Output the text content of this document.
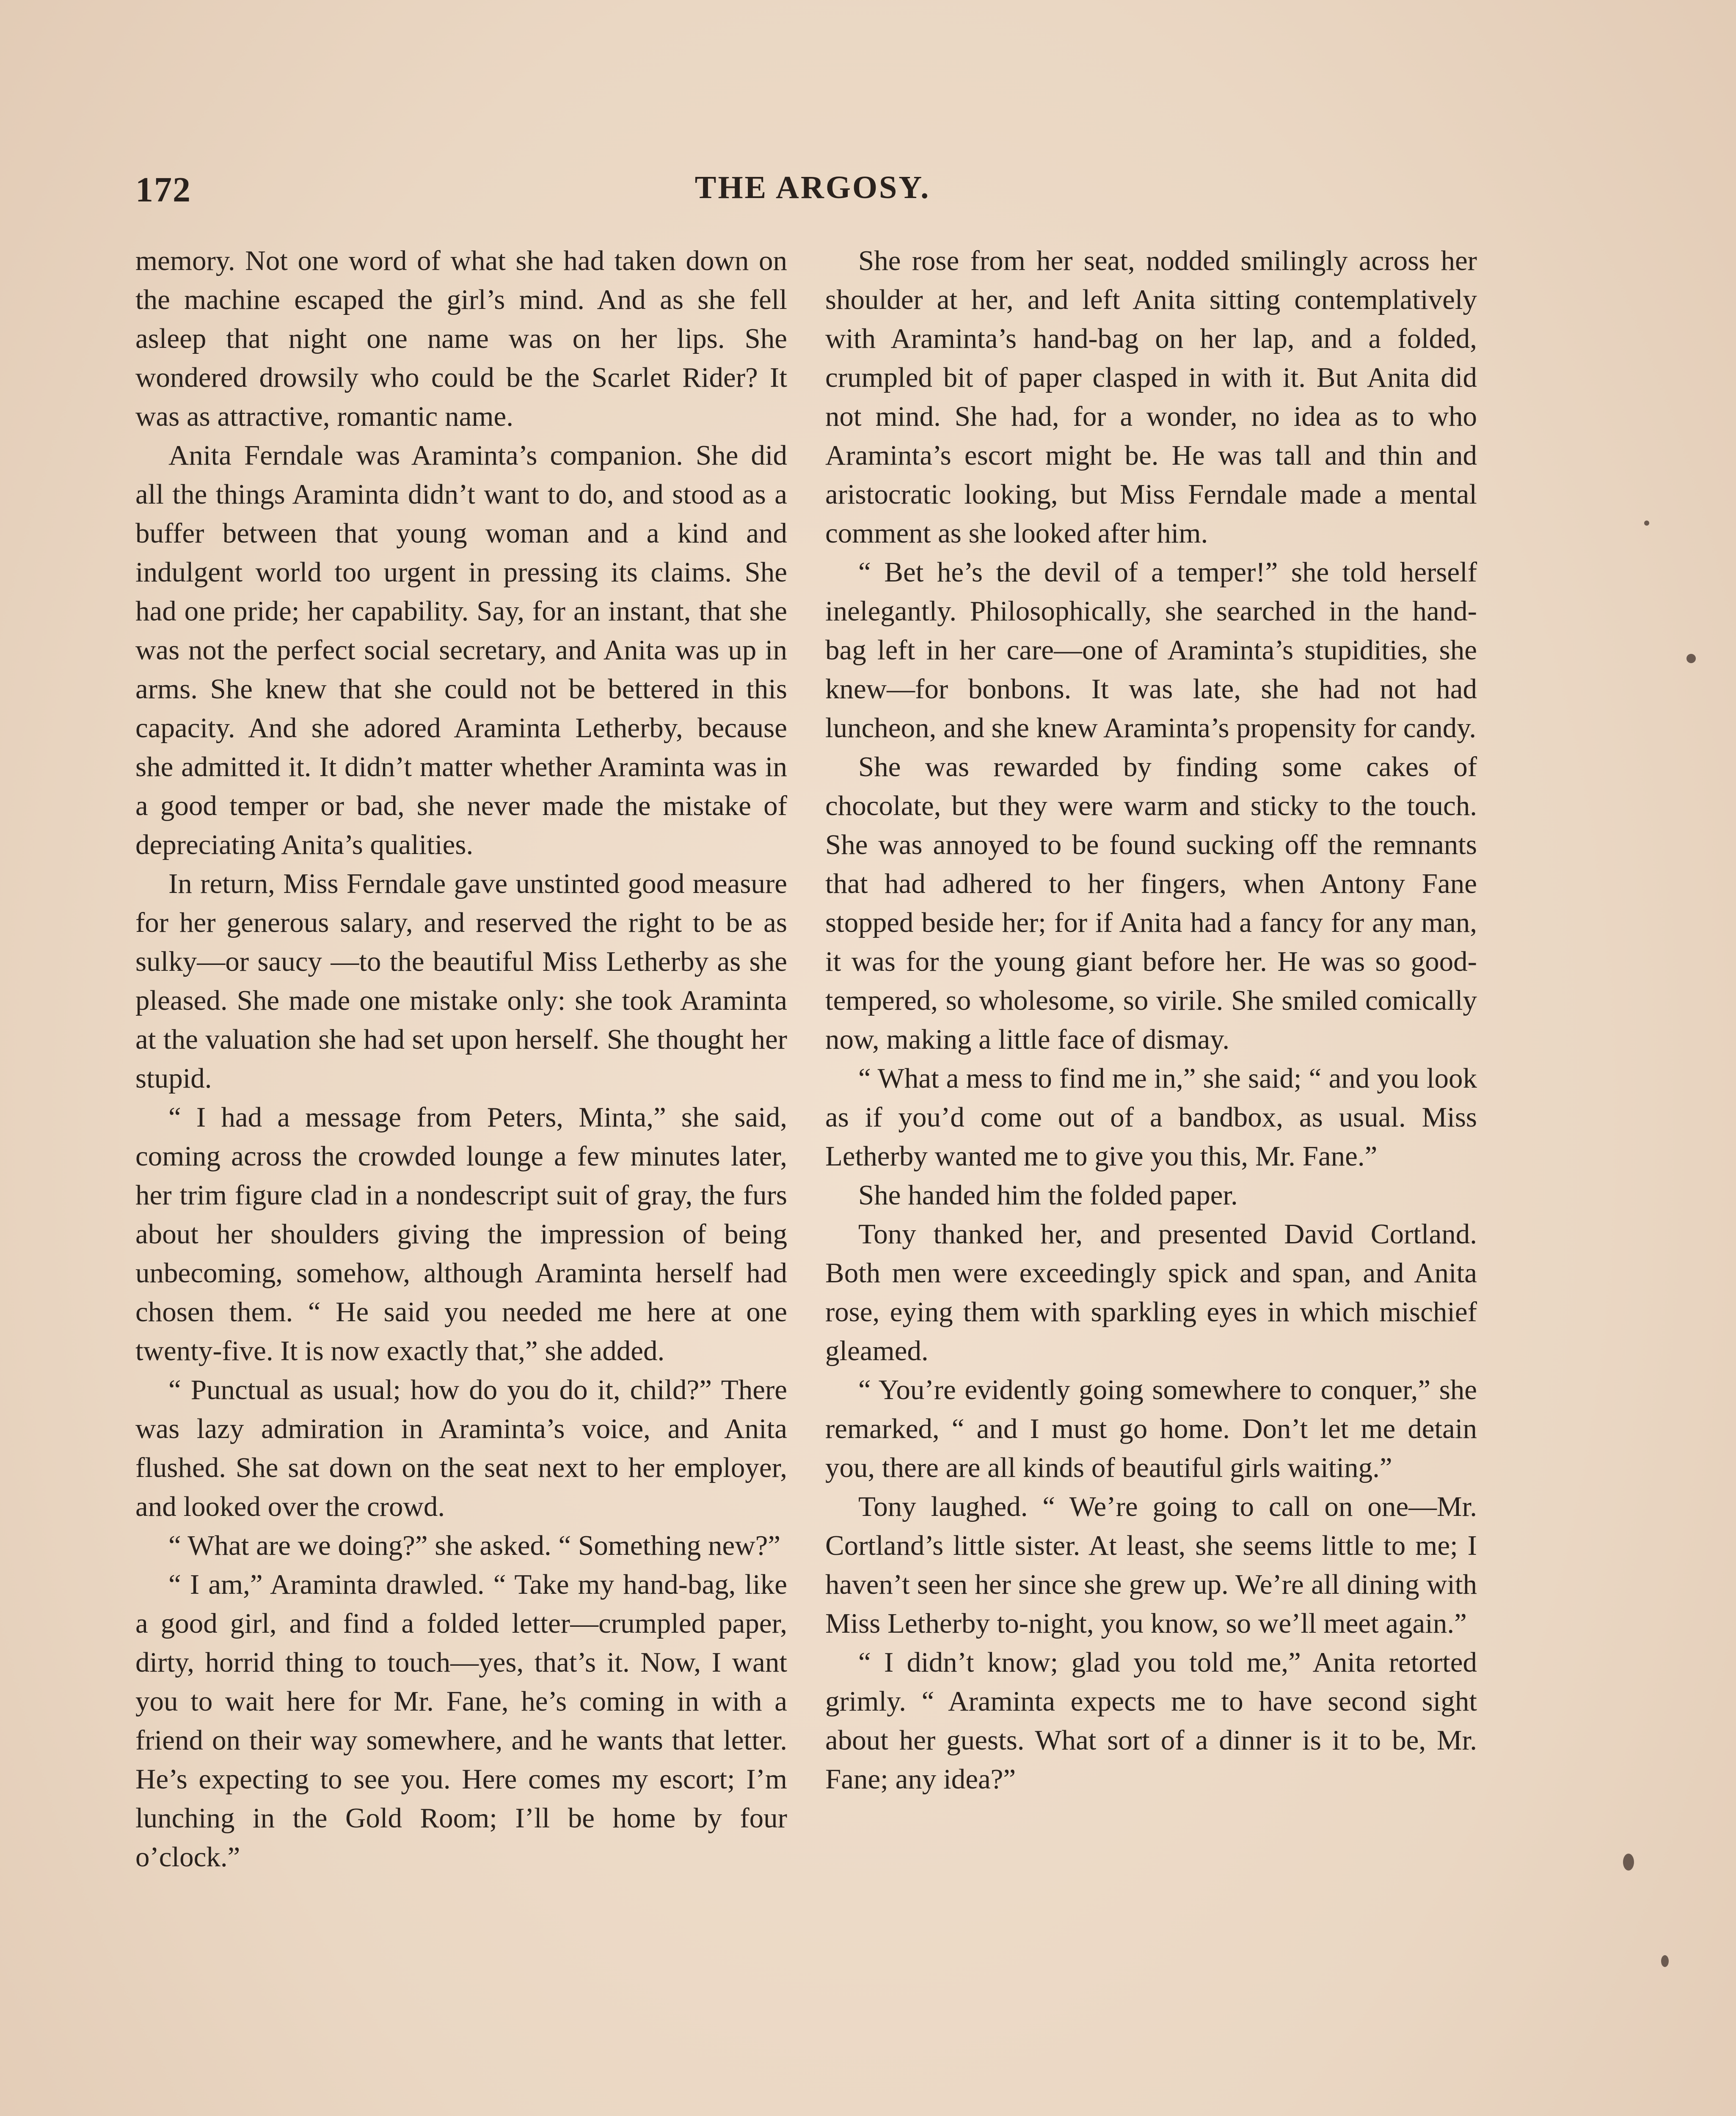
172	THE ARGOSY.

memory. Not one word of what she had taken down on the machine escaped the girl’s mind. And as she fell asleep that night one name was on her lips. She wondered drowsily who could be the Scarlet Rider? It was as attractive, romantic name.

Anita Ferndale was Araminta’s companion. She did all the things Araminta didn’t want to do, and stood as a buffer between that young woman and a kind and indulgent world too urgent in pressing its claims. She had one pride; her capability. Say, for an instant, that she was not the perfect social secretary, and Anita was up in arms. She knew that she could not be bettered in this capacity. And she adored Araminta Letherby, because she admitted it. It didn’t matter whether Araminta was in a good temper or bad, she never made the mistake of depreciating Anita’s qualities.

In return, Miss Ferndale gave unstinted good measure for her generous salary, and reserved the right to be as sulky—or saucy —to the beautiful Miss Letherby as she pleased. She made one mistake only: she took Araminta at the valuation she had set upon herself. She thought her stupid.

“ I had a message from Peters, Minta,” she said, coming across the crowded lounge a few minutes later, her trim figure clad in a nondescript suit of gray, the furs about her shoulders giving the impression of being unbecoming, somehow, although Araminta herself had chosen them. “ He said you needed me here at one twenty-five. It is now exactly that,” she added.

“ Punctual as usual; how do you do it, child?” There was lazy admiration in Araminta’s voice, and Anita flushed. She sat down on the seat next to her employer, and looked over the crowd.

“ What are we doing?” she asked. “ Something new?”

“ I am,” Araminta drawled. “ Take my hand-bag, like a good girl, and find a folded letter—crumpled paper, dirty, horrid thing to touch—yes, that’s it. Now, I want you to wait here for Mr. Fane, he’s coming in with a friend on their way somewhere, and he wants that letter. He’s expecting to see you. Here comes my escort; I’m lunching in the Gold Room; I’ll be home by four o’clock.”

She rose from her seat, nodded smilingly across her shoulder at her, and left Anita sitting contemplatively with Araminta’s hand-bag on her lap, and a folded, crumpled bit of paper clasped in with it. But Anita did not mind. She had, for a wonder, no idea as to who Araminta’s escort might be. He was tall and thin and aristocratic looking, but Miss Ferndale made a mental comment as she looked after him.

“ Bet he’s the devil of a temper!” she told herself inelegantly. Philosophically, she searched in the hand-bag left in her care—one of Araminta’s stupidities, she knew—for bonbons. It was late, she had not had luncheon, and she knew Araminta’s propensity for candy.

She was rewarded by finding some cakes of chocolate, but they were warm and sticky to the touch. She was annoyed to be found sucking off the remnants that had adhered to her fingers, when Antony Fane stopped beside her; for if Anita had a fancy for any man, it was for the young giant before her. He was so good-tempered, so wholesome, so virile. She smiled comically now, making a little face of dismay.

“ What a mess to find me in,” she said; “ and you look as if you’d come out of a bandbox, as usual. Miss Letherby wanted me to give you this, Mr. Fane.”

She handed him the folded paper.

Tony thanked her, and presented David Cortland. Both men were exceedingly spick and span, and Anita rose, eying them with sparkling eyes in which mischief gleamed.

“ You’re evidently going somewhere to conquer,” she remarked, “ and I must go home. Don’t let me detain you, there are all kinds of beautiful girls waiting.”

Tony laughed. “ We’re going to call on one—Mr. Cortland’s little sister. At least, she seems little to me; I haven’t seen her since she grew up. We’re all dining with Miss Letherby to-night, you know, so we’ll meet again.”

“ I didn’t know; glad you told me,” Anita retorted grimly. “ Araminta expects me to have second sight about her guests. What sort of a dinner is it to be, Mr. Fane; any idea?”
